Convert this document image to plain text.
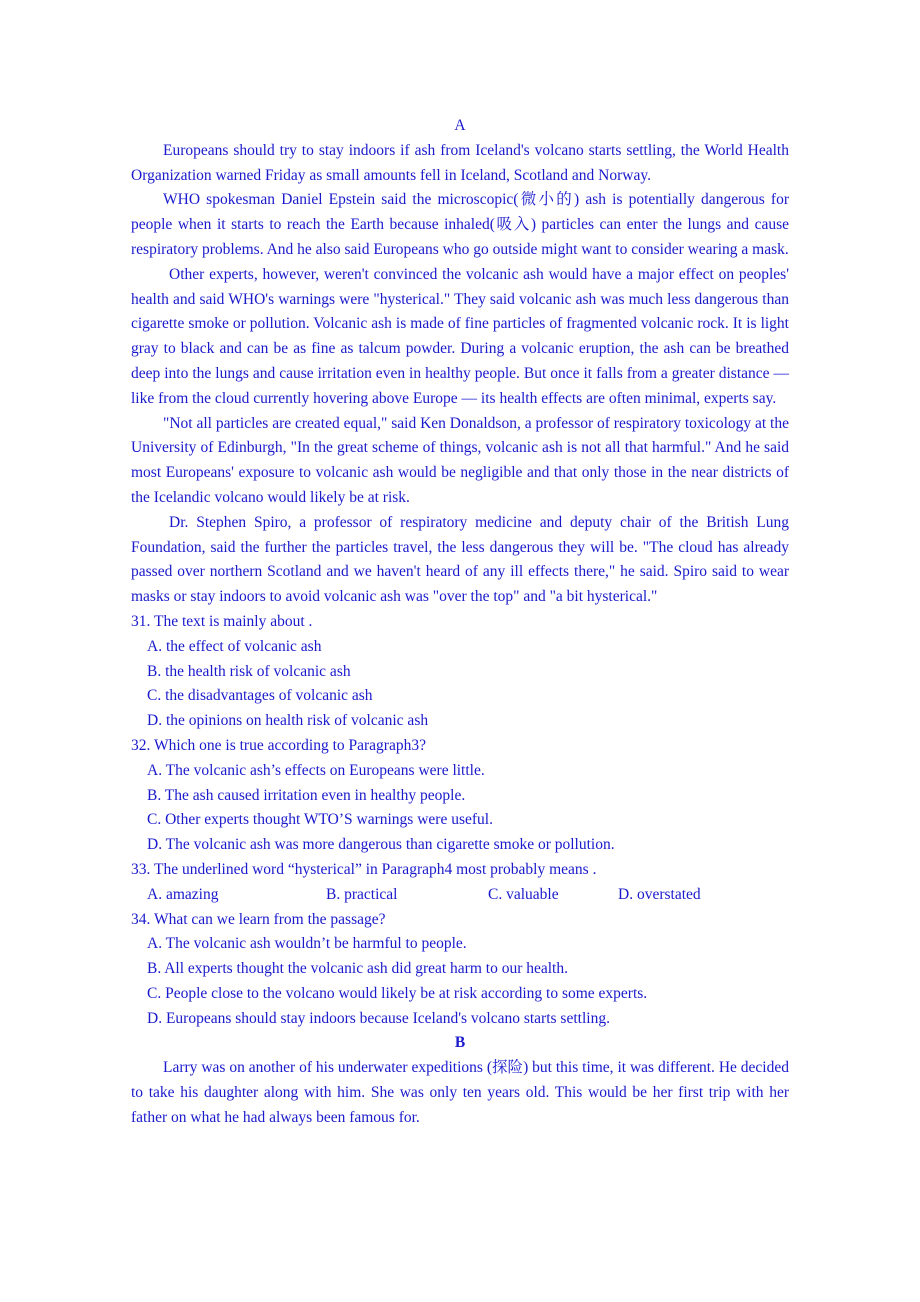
A

Europeans should try to stay indoors if ash from Iceland's volcano starts settling, the World Health Organization warned Friday as small amounts fell in Iceland, Scotland and Norway.

WHO spokesman Daniel Epstein said the microscopic(微小的) ash is potentially dangerous for people when it starts to reach the Earth because inhaled(吸入) particles can enter the lungs and cause respiratory problems. And he also said Europeans who go outside might want to consider wearing a mask.

Other experts, however, weren't convinced the volcanic ash would have a major effect on peoples' health and said WHO's warnings were "hysterical." They said volcanic ash was much less dangerous than cigarette smoke or pollution. Volcanic ash is made of fine particles of fragmented volcanic rock. It is light gray to black and can be as fine as talcum powder. During a volcanic eruption, the ash can be breathed deep into the lungs and cause irritation even in healthy people. But once it falls from a greater distance — like from the cloud currently hovering above Europe — its health effects are often minimal, experts say.

"Not all particles are created equal," said Ken Donaldson, a professor of respiratory toxicology at the University of Edinburgh, "In the great scheme of things, volcanic ash is not all that harmful." And he said most Europeans' exposure to volcanic ash would be negligible and that only those in the near districts of the Icelandic volcano would likely be at risk.

Dr. Stephen Spiro, a professor of respiratory medicine and deputy chair of the British Lung Foundation, said the further the particles travel, the less dangerous they will be. "The cloud has already passed over northern Scotland and we haven't heard of any ill effects there," he said. Spiro said to wear masks or stay indoors to avoid volcanic ash was "over the top" and "a bit hysterical."

31. The text is mainly about .

A. the effect of volcanic ash

B. the health risk of volcanic ash

C. the disadvantages of volcanic ash

D. the opinions on health risk of volcanic ash

32. Which one is true according to Paragraph3?

A. The volcanic ash’s effects on Europeans were little.

B. The ash caused irritation even in healthy people.

C. Other experts thought WTO’S warnings were useful.

D. The volcanic ash was more dangerous than cigarette smoke or pollution.

33. The underlined word “hysterical” in Paragraph4 most probably means .

A. amazing	B. practical	C. valuable	D. overstated

34. What can we learn from the passage?

A. The volcanic ash wouldn’t be harmful to people.

B. All experts thought the volcanic ash did great harm to our health.

C. People close to the volcano would likely be at risk according to some experts.

D. Europeans should stay indoors because Iceland's volcano starts settling.

B

Larry was on another of his underwater expeditions (探险) but this time, it was different. He decided to take his daughter along with him. She was only ten years old. This would be her first trip with her father on what he had always been famous for.
